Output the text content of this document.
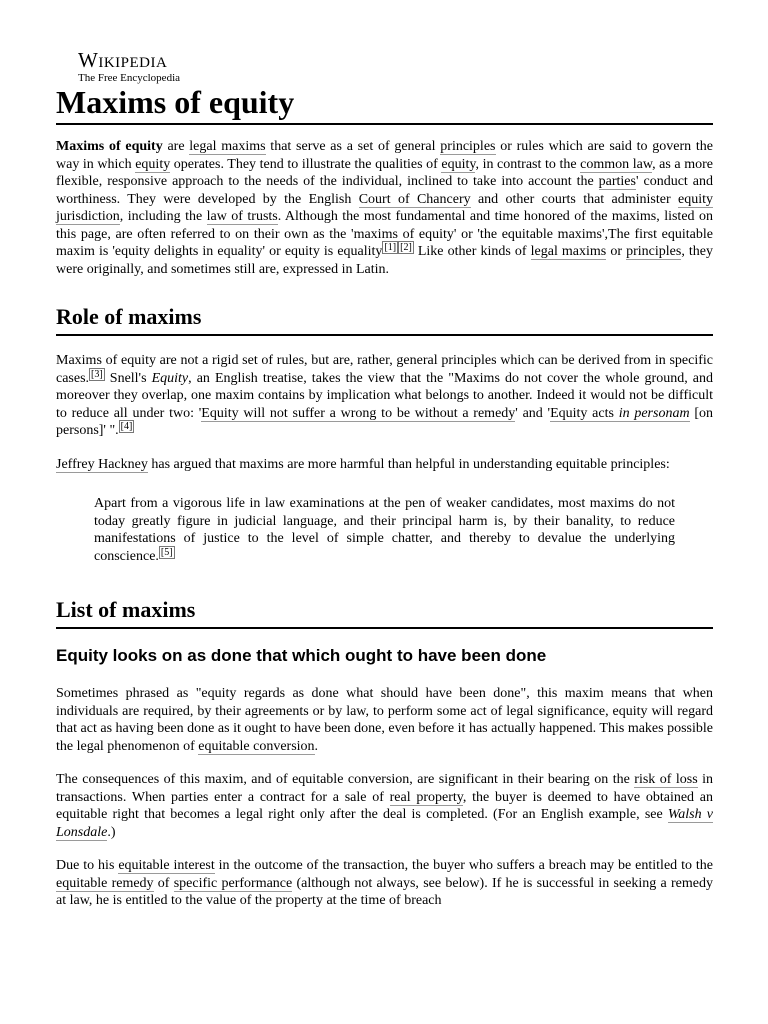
Wikipedia
The Free Encyclopedia
Maxims of equity

Maxims of equity are legal maxims that serve as a set of general principles or rules which are said to govern the way in which equity operates. They tend to illustrate the qualities of equity, in contrast to the common law, as a more flexible, responsive approach to the needs of the individual, inclined to take into account the parties' conduct and worthiness. They were developed by the English Court of Chancery and other courts that administer equity jurisdiction, including the law of trusts. Although the most fundamental and time honored of the maxims, listed on this page, are often referred to on their own as the 'maxims of equity' or 'the equitable maxims',The first equitable maxim is 'equity delights in equality' or equity is equality [1] [2] Like other kinds of legal maxims or principles, they were originally, and sometimes still are, expressed in Latin.

Role of maxims

Maxims of equity are not a rigid set of rules, but are, rather, general principles which can be derived from in specific cases. [3] Snell's Equity, an English treatise, takes the view that the "Maxims do not cover the whole ground, and moreover they overlap, one maxim contains by implication what belongs to another. Indeed it would not be difficult to reduce all under two: 'Equity will not suffer a wrong to be without a remedy' and 'Equity acts in personam [on persons]' ". [4]

Jeffrey Hackney has argued that maxims are more harmful than helpful in understanding equitable principles:

Apart from a vigorous life in law examinations at the pen of weaker candidates, most maxims do not today greatly figure in judicial language, and their principal harm is, by their banality, to reduce manifestations of justice to the level of simple chatter, and thereby to devalue the underlying conscience. [5]

List of maxims
Equity looks on as done that which ought to have been done

Sometimes phrased as "equity regards as done what should have been done", this maxim means that when individuals are required, by their agreements or by law, to perform some act of legal significance, equity will regard that act as having been done as it ought to have been done, even before it has actually happened. This makes possible the legal phenomenon of equitable conversion.

The consequences of this maxim, and of equitable conversion, are significant in their bearing on the risk of loss in transactions. When parties enter a contract for a sale of real property, the buyer is deemed to have obtained an equitable right that becomes a legal right only after the deal is completed. (For an English example, see Walsh v Lonsdale.)

Due to his equitable interest in the outcome of the transaction, the buyer who suffers a breach may be entitled to the equitable remedy of specific performance (although not always, see below). If he is successful in seeking a remedy at law, he is entitled to the value of the property at the time of breach
